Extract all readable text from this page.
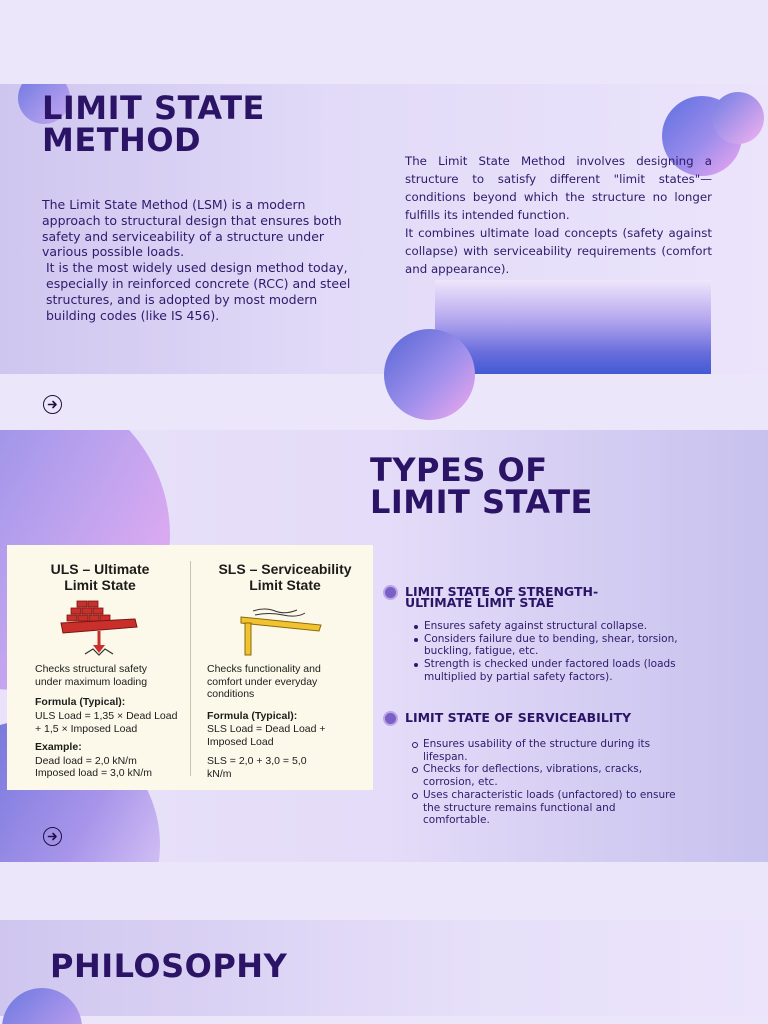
LIMIT STATE
METHOD
The Limit State Method (LSM) is a modern approach to structural design that ensures both safety and serviceability of a structure under various possible loads.
It is the most widely used design method today, especially in reinforced concrete (RCC) and steel structures, and is adopted by most modern building codes (like IS 456).
The Limit State Method involves designing a structure to satisfy different "limit states"—conditions beyond which the structure no longer fulfills its intended function.
It combines ultimate load concepts (safety against collapse) with serviceability requirements (comfort and appearance).
TYPES OF
LIMIT STATE
ULS – Ultimate
Limit State
Checks structural safety under maximum loading
Formula (Typical):
ULS Load = 1,35 × Dead Load + 1,5 × Imposed Load
Example:
Dead load = 2,0 kN/m
Imposed load = 3,0 kN/m
SLS – Serviceability
Limit State
Checks functionality and comfort under everyday conditions
Formula (Typical):
SLS Load = Dead Load + Imposed Load
SLS = 2,0 + 3,0 = 5,0 kN/m
LIMIT STATE OF STRENGTH-
ULTIMATE LIMIT STAE
Ensures safety against structural collapse.
Considers failure due to bending, shear, torsion, buckling, fatigue, etc.
Strength is checked under factored loads (loads multiplied by partial safety factors).
LIMIT STATE OF SERVICEABILITY
Ensures usability of the structure during its lifespan.
Checks for deflections, vibrations, cracks, corrosion, etc.
Uses characteristic loads (unfactored) to ensure the structure remains functional and comfortable.
PHILOSOPHY
